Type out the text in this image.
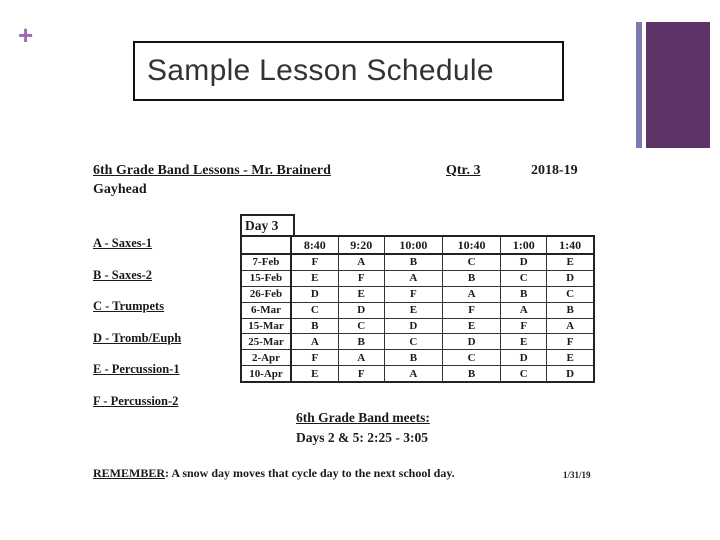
+
Sample Lesson Schedule
6th Grade Band Lessons - Mr. Brainerd	Qtr. 3	2018-19
Gayhead
A - Saxes-1
B - Saxes-2
C - Trumpets
D - Tromb/Euph
E - Percussion-1
F - Percussion-2
Day 3
	8:40	9:20	10:00	10:40	1:00	1:40
7-Feb	F	A	B	C	D	E
15-Feb	E	F	A	B	C	D
26-Feb	D	E	F	A	B	C
6-Mar	C	D	E	F	A	B
15-Mar	B	C	D	E	F	A
25-Mar	A	B	C	D	E	F
2-Apr	F	A	B	C	D	E
10-Apr	E	F	A	B	C	D
6th Grade Band meets:
Days 2 & 5: 2:25 - 3:05
REMEMBER: A snow day moves that cycle day to the next school day.	1/31/19
